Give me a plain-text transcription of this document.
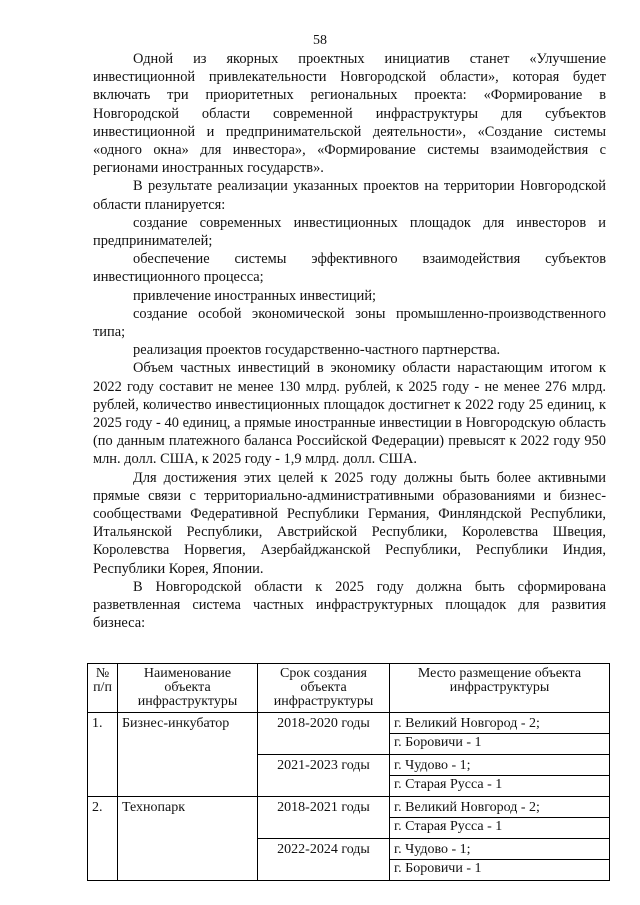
58

Одной из якорных проектных инициатив станет «Улучшение инвестиционной привлекательности Новгородской области», которая будет включать три приоритетных региональных проекта: «Формирование в Новгородской области современной инфраструктуры для субъектов инвестиционной и предпринимательской деятельности», «Создание системы «одного окна» для инвестора», «Формирование системы взаимодействия с регионами иностранных государств».

В результате реализации указанных проектов на территории Новгородской области планируется:

создание современных инвестиционных площадок для инвесторов и предпринимателей;

обеспечение системы эффективного взаимодействия субъектов инвестиционного процесса;

привлечение иностранных инвестиций;

создание особой экономической зоны промышленно-производственного типа;

реализация проектов государственно-частного партнерства.

Объем частных инвестиций в экономику области нарастающим итогом к 2022 году составит не менее 130 млрд. рублей, к 2025 году - не менее 276 млрд. рублей, количество инвестиционных площадок достигнет к 2022 году 25 единиц, к 2025 году - 40 единиц, а прямые иностранные инвестиции в Новгородскую область (по данным платежного баланса Российской Федерации) превысят к 2022 году 950 млн. долл. США, к 2025 году - 1,9 млрд. долл. США.

Для достижения этих целей к 2025 году должны быть более активными прямые связи с территориально-административными образованиями и бизнес-сообществами Федеративной Республики Германия, Финляндской Республики, Итальянской Республики, Австрийской Республики, Королевства Швеция, Королевства Норвегия, Азербайджанской Республики, Республики Индия, Республики Корея, Японии.

В Новгородской области к 2025 году должна быть сформирована разветвленная система частных инфраструктурных площадок для развития бизнеса:

№ п/п	Наименование объекта инфраструктуры	Срок создания объекта инфраструктуры	Место размещение объекта инфраструктуры
1.	Бизнес-инкубатор	2018-2020 годы	г. Великий Новгород - 2;
г. Боровичи - 1

		2021-2023 годы	г. Чудово - 1;
г. Старая Русса - 1

2.	Технопарк	2018-2021 годы	г. Великий Новгород - 2;
г. Старая Русса - 1

		2022-2024 годы	г. Чудово - 1;
г. Боровичи - 1
